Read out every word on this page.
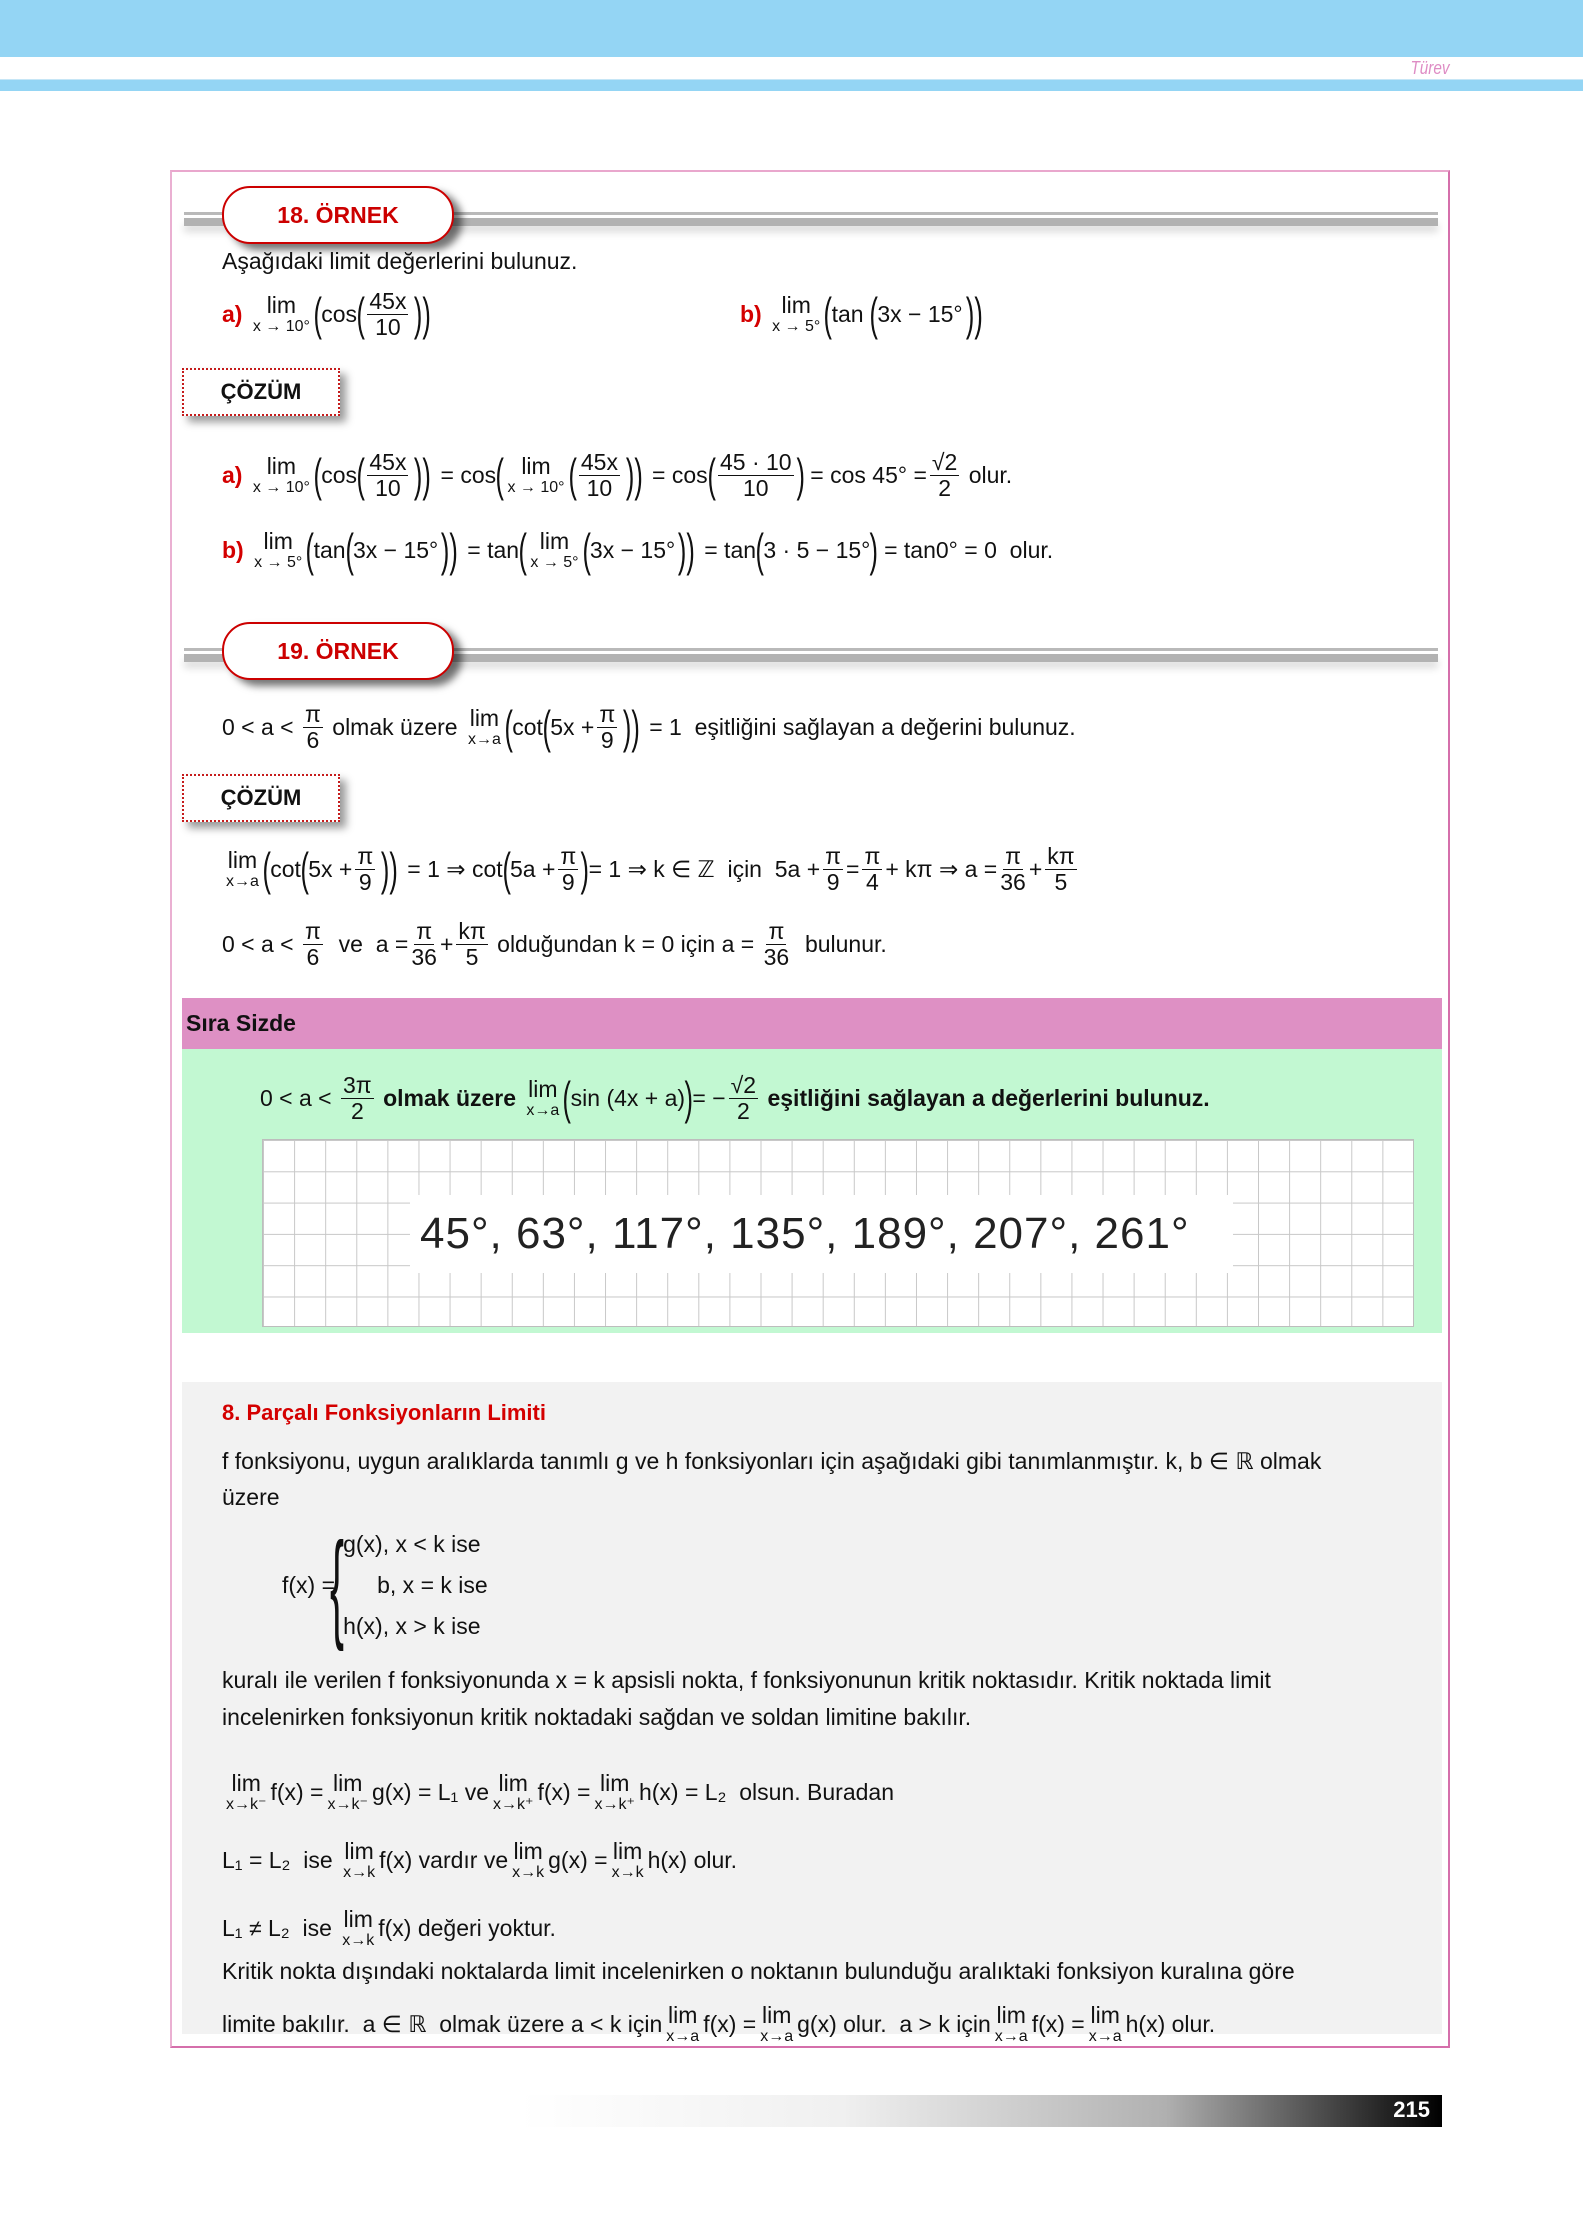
Türev
18. ÖRNEK
Aşağıdaki limit değerlerini bulunuz.
a)
lim
x → 10° ( cos ( $\frac{45x}{10}$ ))	b)
lim
x → 5° ( tan ( 3x − 15° ))
ÇÖZÜM
a)
lim
x → 10° ( cos ( $\frac{45x}{10}$ )) = cos ( lim
x → 10° ( $\frac{45x}{10}$ )) = cos ( $\frac{45 \cdot 10}{10}$ ) = $\cos 45^\circ = \frac{√2}{2}$ olur.
b)
lim
x → 5° ( tan ( 3x − 15° )) = tan ( lim
x → 5° ( 3x − 15° )) = tan ( 3 · 5 − 15° ) = tan0° = 0  olur.
19. ÖRNEK
0 < a <
$\frac{\pi}{6}$
olmak üzere
lim
x→a ( cot ( $5x + \frac{\pi}{9}$ )) = 1 eşitliğini sağlayan a değerini bulunuz.
ÇÖZÜM
lim
x→a ( cot ( $5x + \frac{\pi}{9}$ )) = 1 ⇒ cot ( $5a + \frac{\pi}{9}$ ) = 1 ⇒ k ∈ ℤ  için  $5a + \frac{\pi}{9} = \frac{\pi}{4} + k\pi$ ⇒ $a = \frac{\pi}{36} + \frac{k\pi}{5}$
$0 < a < \frac{\pi}{6}$ ve  $a = \frac{\pi}{36} + \frac{k\pi}{5}$ olduğundan k = 0 için $a = \frac{\pi}{36}$ bulunur.
Sıra Sizde
0 < a <
$\frac{3\pi}{2}$
olmak üzere
lim
x→a ( sin (4x + a) ) = − $\frac{√2}{2}$
eşitliğini sağlayan a değerlerini bulunuz.
45°, 63°, 117°, 135°, 189°, 207°, 261°
8. Parçalı Fonksiyonların Limiti
f fonksiyonu, uygun aralıklarda tanımlı g ve h fonksiyonları için aşağıdaki gibi tanımlanmıştır. k, b ∈ ℝ olmak
üzere
f(x) =
{ g(x), x < k ise
b, x = k ise
h(x), x > k ise
kuralı ile verilen f fonksiyonunda x = k apsisli nokta, f fonksiyonunun kritik noktasıdır. Kritik noktada limit
incelenirken fonksiyonun kritik noktadaki sağdan ve soldan limitine bakılır.
lim
x→k⁻ f(x) = lim
x→k⁻ g(x) = L₁ ve lim
x→k⁺ f(x) = lim
x→k⁺ h(x) = L₂  olsun. Buradan
L₁ = L₂  ise lim
x→k f(x) vardır ve lim
x→k g(x) = lim
x→k h(x) olur.
L₁ ≠ L₂  ise lim
x→k f(x) değeri yoktur.
Kritik nokta dışındaki noktalarda limit incelenirken o noktanın bulunduğu aralıktaki fonksiyon kuralına göre
limite bakılır.  a ∈ ℝ  olmak üzere a < k için lim
x→a f(x) = lim
x→a g(x) olur.  a > k için lim
x→a f(x) = lim
x→a h(x) olur.
215
